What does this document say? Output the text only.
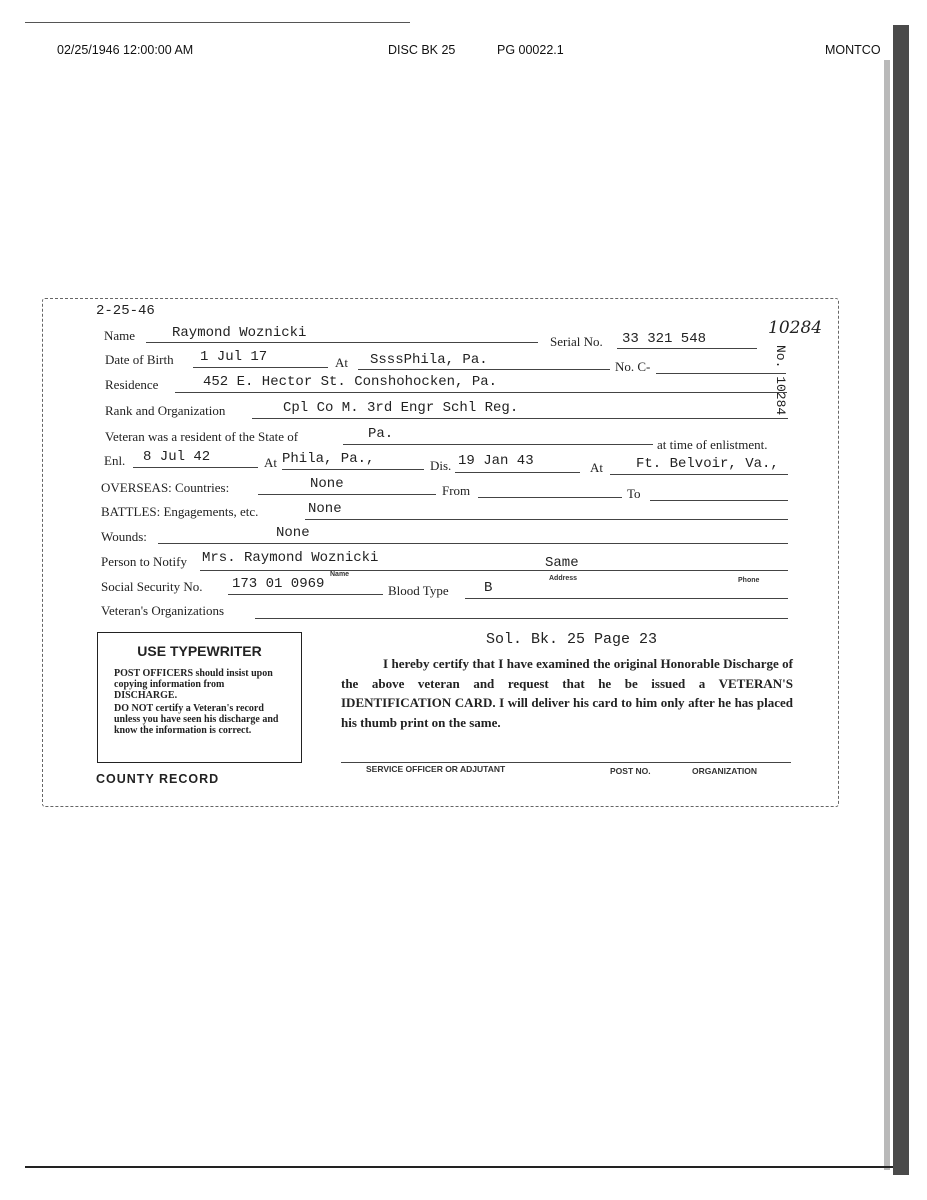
02/25/1946 12:00:00 AM	DISC BK 25	PG 00022.1	MONTCO
2-25-46
10284
No. 10284
Name	Raymond Woznicki
Serial No. 33 321 548
Date of Birth 1 Jul 17	At SsssPhila, Pa.	No. C-
Residence	452 E. Hector St. Conshohocken, Pa.
Rank and Organization	Cpl Co M. 3rd Engr Schl Reg.
Veteran was a resident of the State of	Pa.
at time of enlistment.
Enl. 8 Jul 42	At Phila, Pa.,	Dis. 19 Jan 43	At Ft. Belvoir, Va.,
OVERSEAS: Countries:	None	From	To
BATTLES: Engagements, etc.	None
Wounds:	None
Person to Notify Mrs. Raymond Woznicki	Same
Name
Address	Phone
Social Security No. 173 01 0969	Blood Type	B
Veteran's Organizations
USE TYPEWRITER
POST OFFICERS should insist upon copying information from DISCHARGE.
DO NOT certify a Veteran's record unless you have seen his discharge and know the information is correct.
Sol. Bk. 25 Page 23
I hereby certify that I have examined the original Honorable Discharge of the above veteran and request that he be issued a VETERAN'S IDENTIFICATION CARD. I will deliver his card to him only after he has placed his thumb print on the same.
SERVICE OFFICER OR ADJUTANT	POST NO.	ORGANIZATION
COUNTY RECORD
